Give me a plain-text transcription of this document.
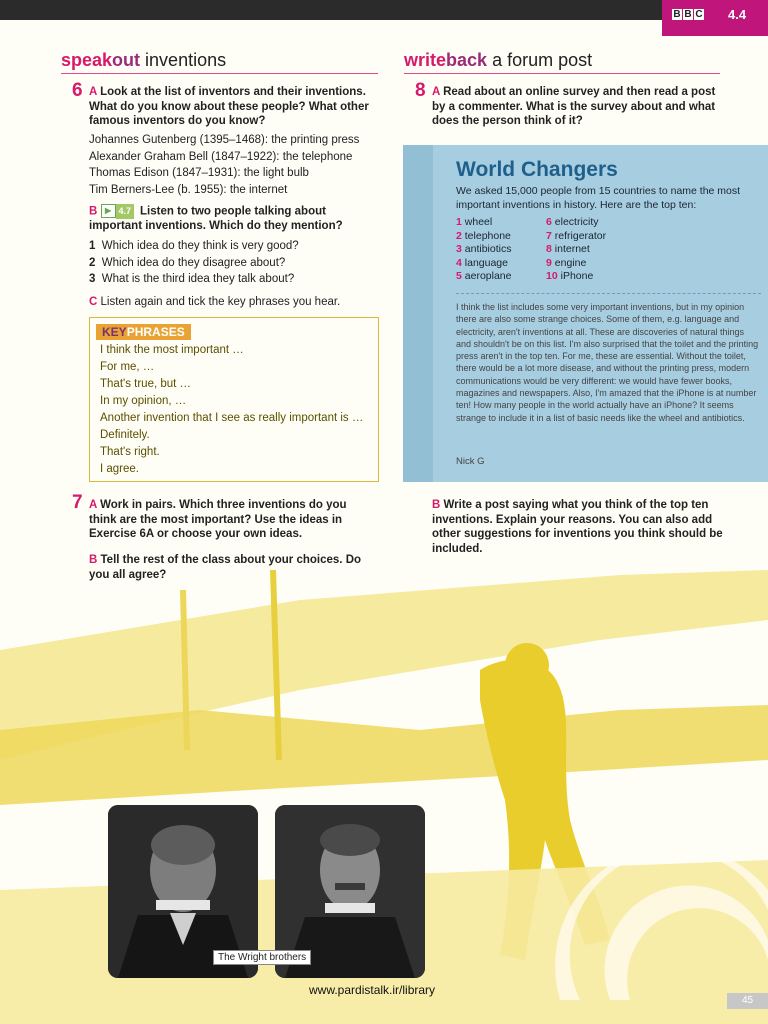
B B C 4.4
speakout inventions
6 A Look at the list of inventors and their inventions. What do you know about these people? What other famous inventors do you know?
Johannes Gutenberg (1395–1468): the printing press
Alexander Graham Bell (1847–1922): the telephone
Thomas Edison (1847–1931): the light bulb
Tim Berners-Lee (b. 1955): the internet
B ▶ 4.7 Listen to two people talking about important inventions. Which do they mention?
1 Which idea do they think is very good?
2 Which idea do they disagree about?
3 What is the third idea they talk about?
C Listen again and tick the key phrases you hear.
KEYPHRASES
I think the most important …
For me, …
That's true, but …
In my opinion, …
Another invention that I see as really important is …
Definitely.
That's right.
I agree.
7 A Work in pairs. Which three inventions do you think are the most important? Use the ideas in Exercise 6A or choose your own ideas.
B Tell the rest of the class about your choices. Do you all agree?
writeback a forum post
8 A Read about an online survey and then read a post by a commenter. What is the survey about and what does the person think of it?
World Changers
We asked 15,000 people from 15 countries to name the most important inventions in history. Here are the top ten:
1 wheel
2 telephone
3 antibiotics
4 language
5 aeroplane
6 electricity
7 refrigerator
8 internet
9 engine
10 iPhone
I think the list includes some very important inventions, but in my opinion there are also some strange choices. Some of them, e.g. language and electricity, aren't inventions at all. These are discoveries of natural things and shouldn't be on this list. I'm also surprised that the toilet and the printing press aren't in the top ten. For me, these are essential. Without the toilet, there would be a lot more disease, and without the printing press, modern communications would be very different: we would have fewer books, magazines and newspapers. Also, I'm amazed that the iPhone is at number ten! How many people in the world actually have an iPhone? It seems strange to include it in a list of basic needs like the wheel and antibiotics.
Nick G
B Write a post saying what you think of the top ten inventions. Explain your reasons. You can also add other suggestions for inventions you think should be included.
The Wright brothers
www.pardistalk.ir/library
45
